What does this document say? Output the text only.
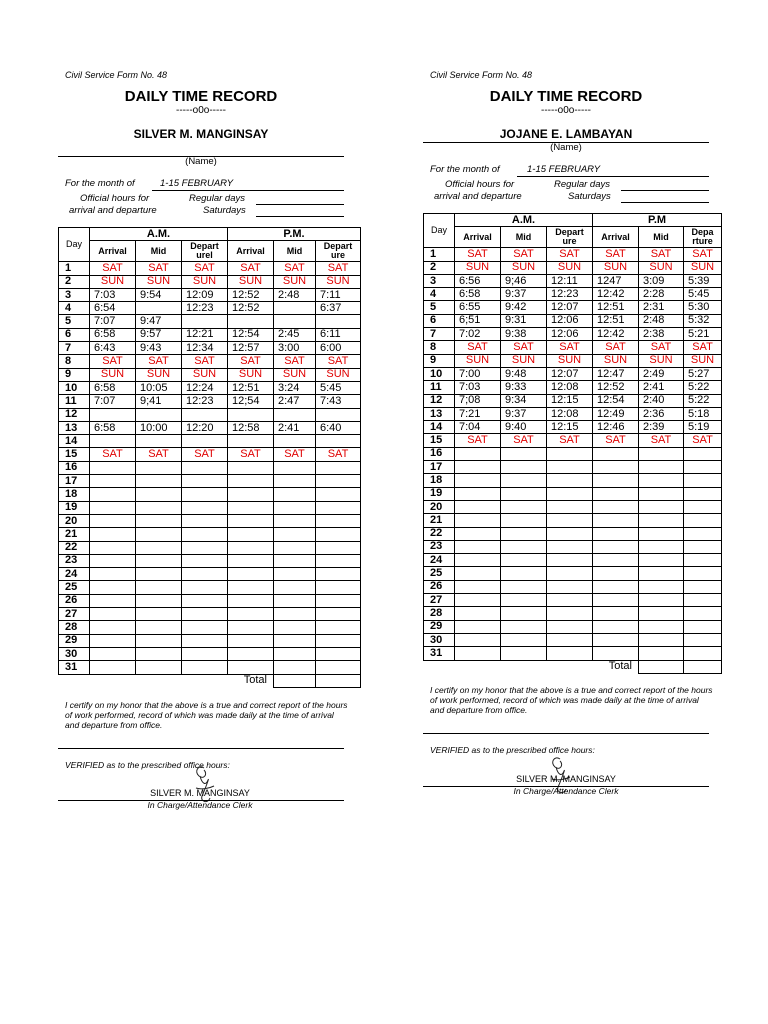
Civil Service Form No. 48
DAILY TIME RECORD
-----o0o-----
SILVER M. MANGINSAY
(Name)
For the month of	1-15 FEBRUARY
Official hours for
arrival and departure
Regular days
Saturdays
Day	A.M.			P.M.		
	Arrival	Mid	Depart urel	Arrival	Mid	Depart ure
1	SAT	SAT	SAT	SAT	SAT	SAT
2	SUN	SUN	SUN	SUN	SUN	SUN
3	7:03	9:54	12:09	12:52	2:48	7:11
4	6:54		12:23	12:52		6:37
5	7:07	9:47				
6	6:58	9:57	12:21	12:54	2:45	6:11
7	6:43	9:43	12:34	12:57	3:00	6:00
8	SAT	SAT	SAT	SAT	SAT	SAT
9	SUN	SUN	SUN	SUN	SUN	SUN
10	6:58	10:05	12:24	12:51	3:24	5:45
11	7:07	9;41	12:23	12;54	2:47	7:43
12						
13	6:58	10:00	12:20	12:58	2:41	6:40
14						
15	SAT	SAT	SAT	SAT	SAT	SAT
16						
17						
18						
19						
20						
21						
22						
23						
24						
25						
26						
27						
28						
29						
30						
31						
				Total		
I certify on my honor that the above is a true and correct report of the hours of work performed, record of which was made daily at the time of arrival and departure from office.
VERIFIED as to the prescribed office hours:
SILVER M. MANGINSAY
In Charge/Attendance Clerk
Civil Service Form No. 48
DAILY TIME RECORD
-----o0o-----
JOJANE E. LAMBAYAN
(Name)
For the month of	1-15 FEBRUARY
Official hours for
arrival and departure
Regular days
Saturdays
Day	A.M.			P.M		
	Arrival	Mid	Depart ure	Arrival	Mid	Depa rture
1	SAT	SAT	SAT	SAT	SAT	SAT
2	SUN	SUN	SUN	SUN	SUN	SUN
3	6:56	9;46	12:11	1247	3:09	5:39
4	6:58	9:37	12:23	12:42	2:28	5:45
5	6:55	9:42	12:07	12:51	2:31	5:30
6	6;51	9:31	12:06	12:51	2:48	5:32
7	7:02	9:38	12:06	12:42	2:38	5:21
8	SAT	SAT	SAT	SAT	SAT	SAT
9	SUN	SUN	SUN	SUN	SUN	SUN
10	7:00	9:48	12:07	12:47	2:49	5:27
11	7:03	9:33	12:08	12:52	2:41	5:22
12	7;08	9:34	12:15	12:54	2:40	5:22
13	7:21	9:37	12:08	12:49	2:36	5:18
14	7:04	9:40	12:15	12:46	2:39	5:19
15	SAT	SAT	SAT	SAT	SAT	SAT
16						
17						
18						
19						
20						
21						
22						
23						
24						
25						
26						
27						
28						
29						
30						
31						
				Total		
I certify on my honor that the above is a true and correct report of the hours of work performed, record of which was made daily at the time of arrival and departure from office.
VERIFIED as to the prescribed office hours:
SILVER M. MANGINSAY
In Charge/Attendance Clerk
